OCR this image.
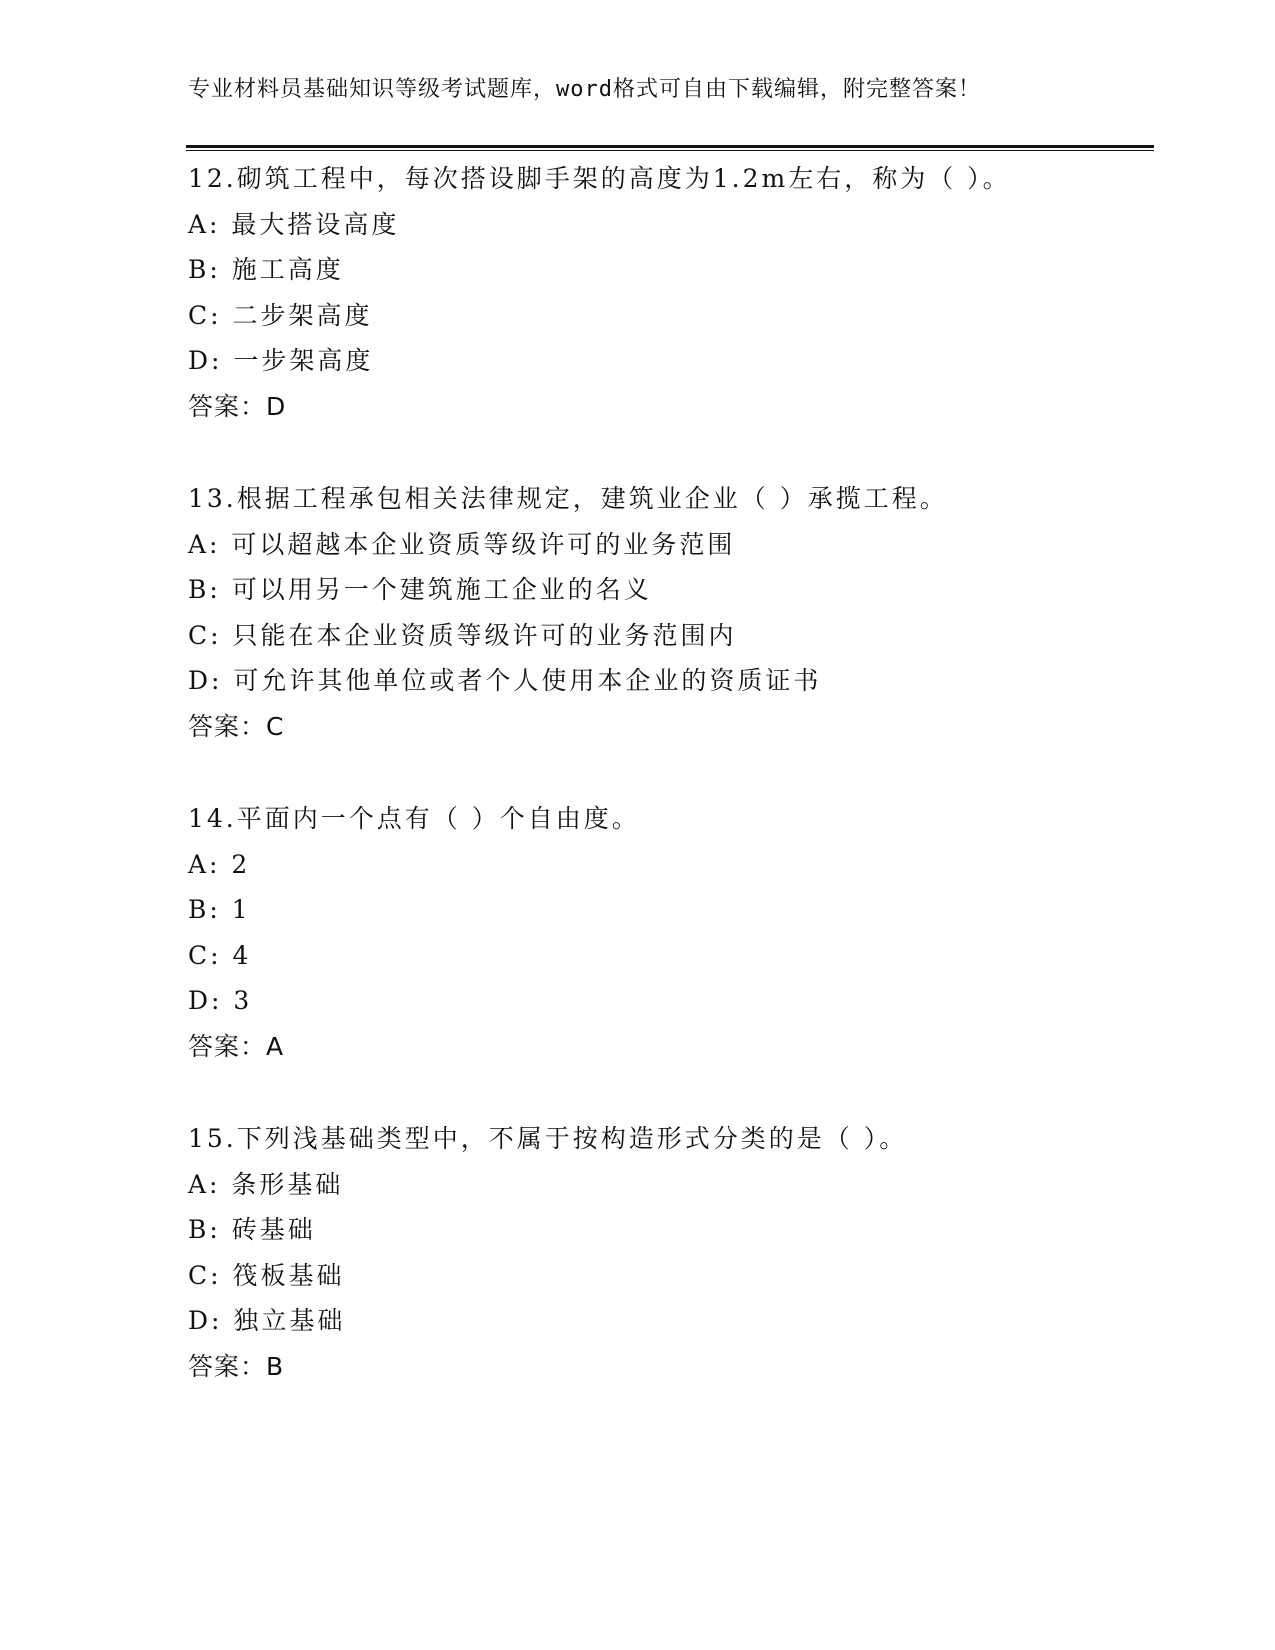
专业材料员基础知识等级考试题库，word格式可自由下载编辑，附完整答案！
12.砌筑工程中，每次搭设脚手架的高度为1.2m左右，称为（ ）。
A: 最大搭设高度
B: 施工高度
C: 二步架高度
D: 一步架高度
答案：D
13.根据工程承包相关法律规定，建筑业企业（ ）承揽工程。
A: 可以超越本企业资质等级许可的业务范围
B: 可以用另一个建筑施工企业的名义
C: 只能在本企业资质等级许可的业务范围内
D: 可允许其他单位或者个人使用本企业的资质证书
答案：C
14.平面内一个点有（ ）个自由度。
A: 2
B: 1
C: 4
D: 3
答案：A
15.下列浅基础类型中，不属于按构造形式分类的是（ ）。
A: 条形基础
B: 砖基础
C: 筏板基础
D: 独立基础
答案：B
